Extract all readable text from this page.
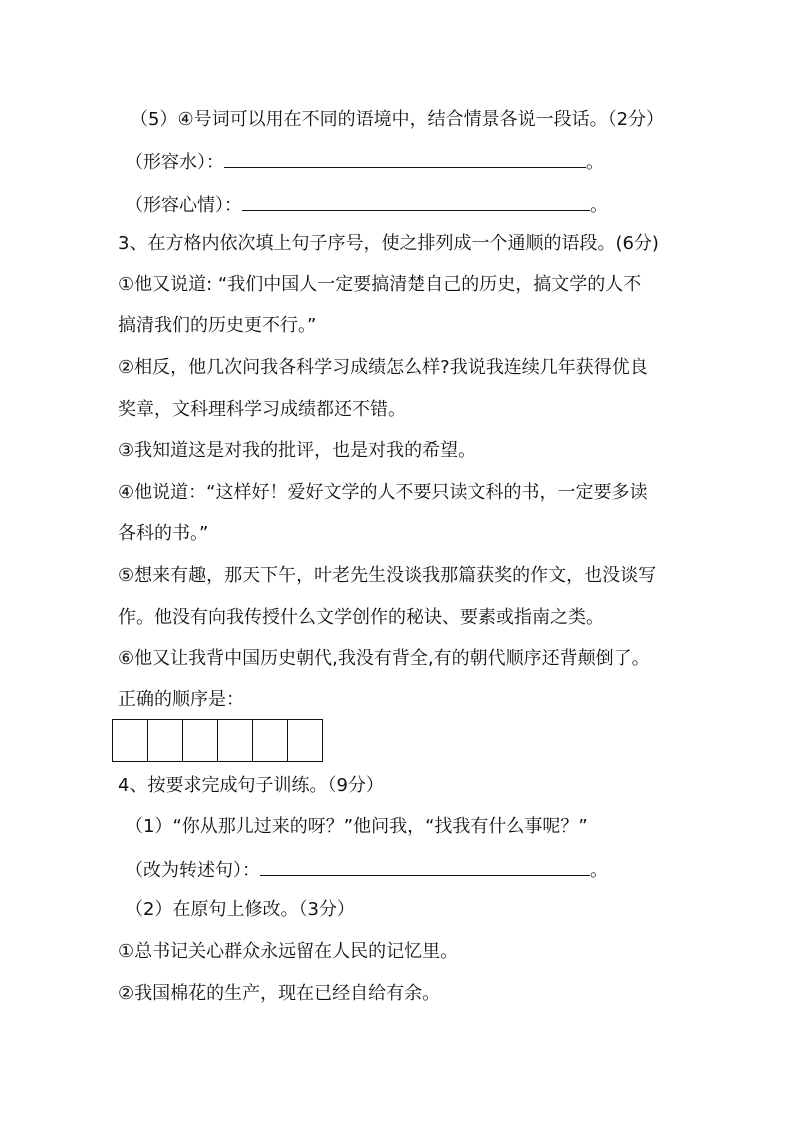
（5）④号词可以用在不同的语境中，结合情景各说一段话。（2分）
（形容水）：	。
（形容心情）：	。
3、在方格内依次填上句子序号，使之排列成一个通顺的语段。(6分)
①他又说道: “我们中国人一定要搞清楚自己的历史，搞文学的人不
搞清我们的历史更不行。”
②相反，他几次问我各科学习成绩怎么样?我说我连续几年获得优良
奖章，文科理科学习成绩都还不错。
③我知道这是对我的批评，也是对我的希望。
④他说道：“这样好！爱好文学的人不要只读文科的书，一定要多读
各科的书。”
⑤想来有趣，那天下午，叶老先生没谈我那篇获奖的作文，也没谈写
作。他没有向我传授什么文学创作的秘诀、要素或指南之类。
⑥他又让我背中国历史朝代,我没有背全,有的朝代顺序还背颠倒了。
正确的顺序是：
4、按要求完成句子训练。（9分）
（1）“你从那儿过来的呀？”他问我，“找我有什么事呢？”
（改为转述句）：	。
（2）在原句上修改。（3分）
①总书记关心群众永远留在人民的记忆里。
②我国棉花的生产，现在已经自给有余。
